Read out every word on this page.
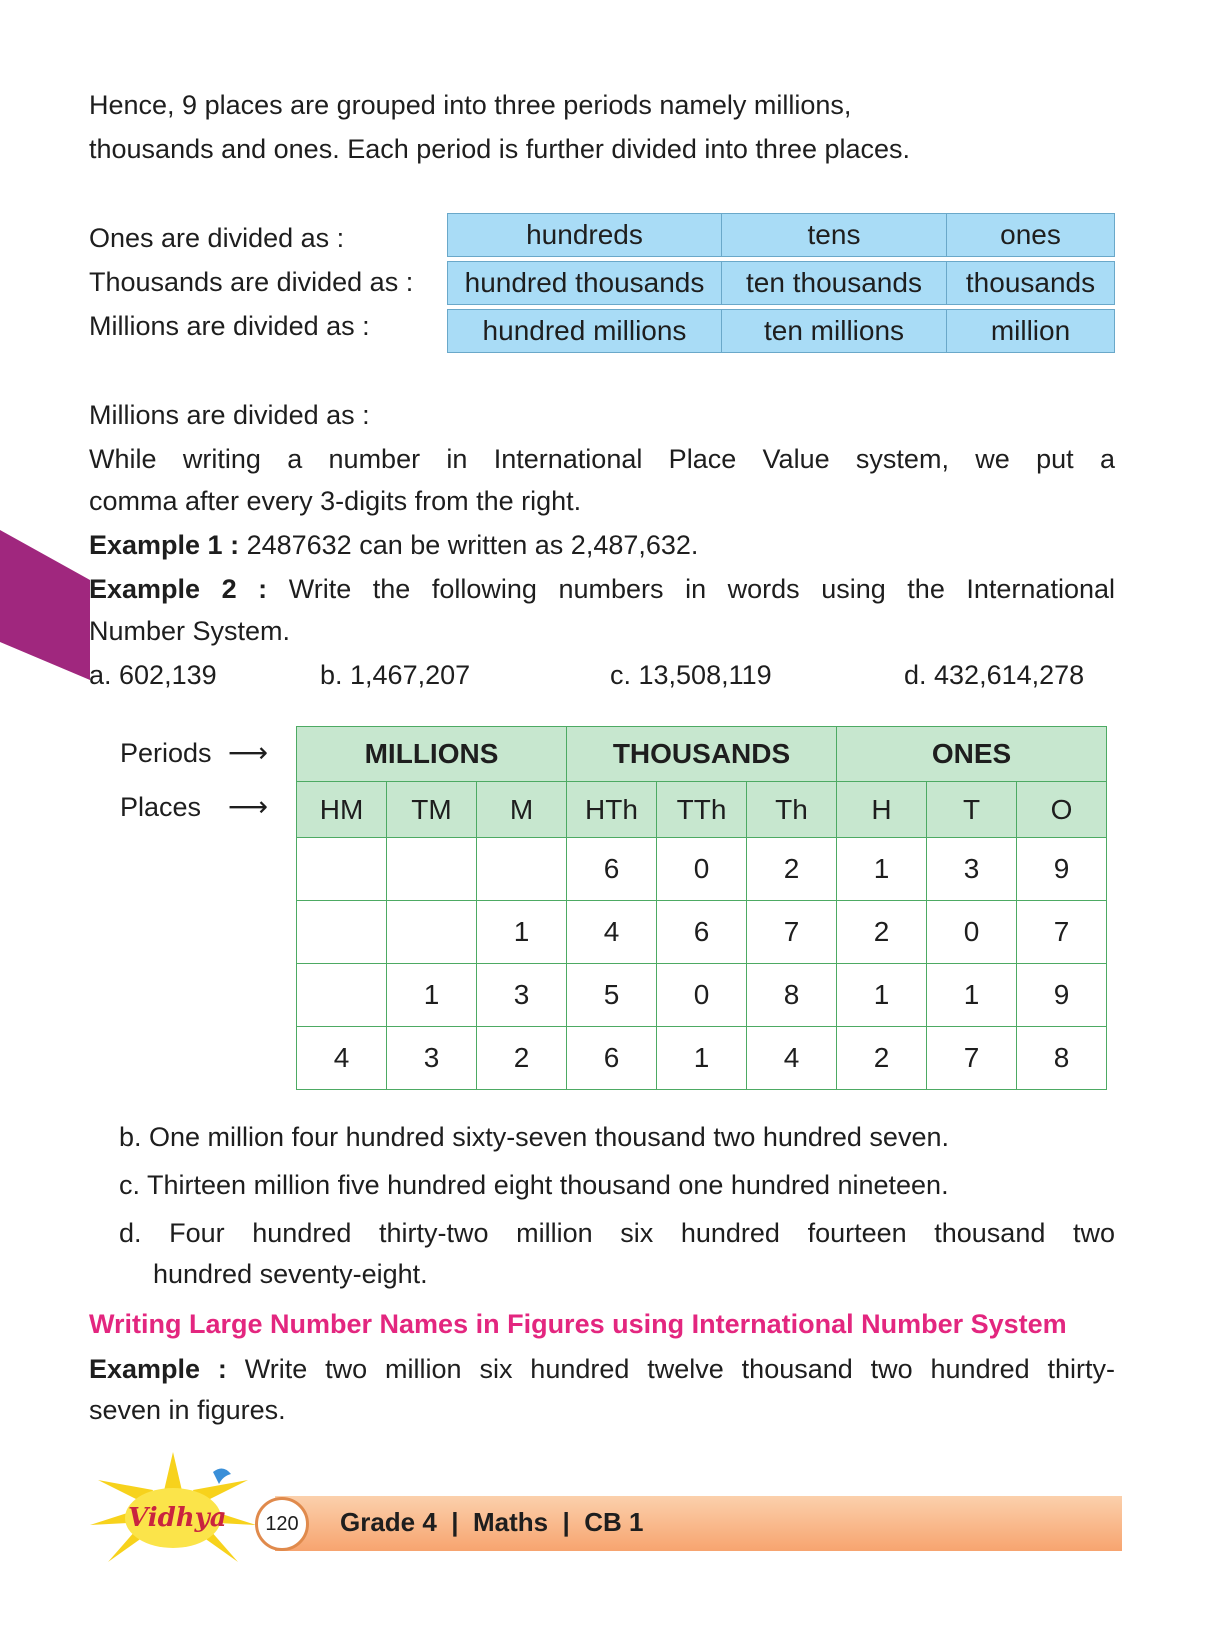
Hence, 9 places are grouped into three periods namely millions,
thousands and ones. Each period is further divided into three places.
Ones are divided as :	hundreds	tens	ones
Thousands are divided as :	hundred thousands	ten thousands	thousands
Millions are divided as :	hundred millions	ten millions	million
Millions are divided as :
While writing a number in International Place Value system, we put a
comma after every 3-digits from the right.
Example 1 : 2487632 can be written as 2,487,632.
Example 2 : Write the following numbers in words using the International
Number System.
a. 602,139	b. 1,467,207	c. 13,508,119	d. 432,614,278
Periods ⟶
Places ⟶
MILLIONS			THOUSANDS			ONES		
HM	TM	M	HTh	TTh	Th	H	T	O
			6	0	2	1	3	9
		1	4	6	7	2	0	7
	1	3	5	0	8	1	1	9
4	3	2	6	1	4	2	7	8
b. One million four hundred sixty-seven thousand two hundred seven.
c. Thirteen million five hundred eight thousand one hundred nineteen.
d. Four hundred thirty-two million six hundred fourteen thousand two
hundred seventy-eight.
Writing Large Number Names in Figures using International Number System
Example : Write two million six hundred twelve thousand two hundred thirty-
seven in figures.
Vidhya	120	Grade 4  |  Maths  |  CB 1
